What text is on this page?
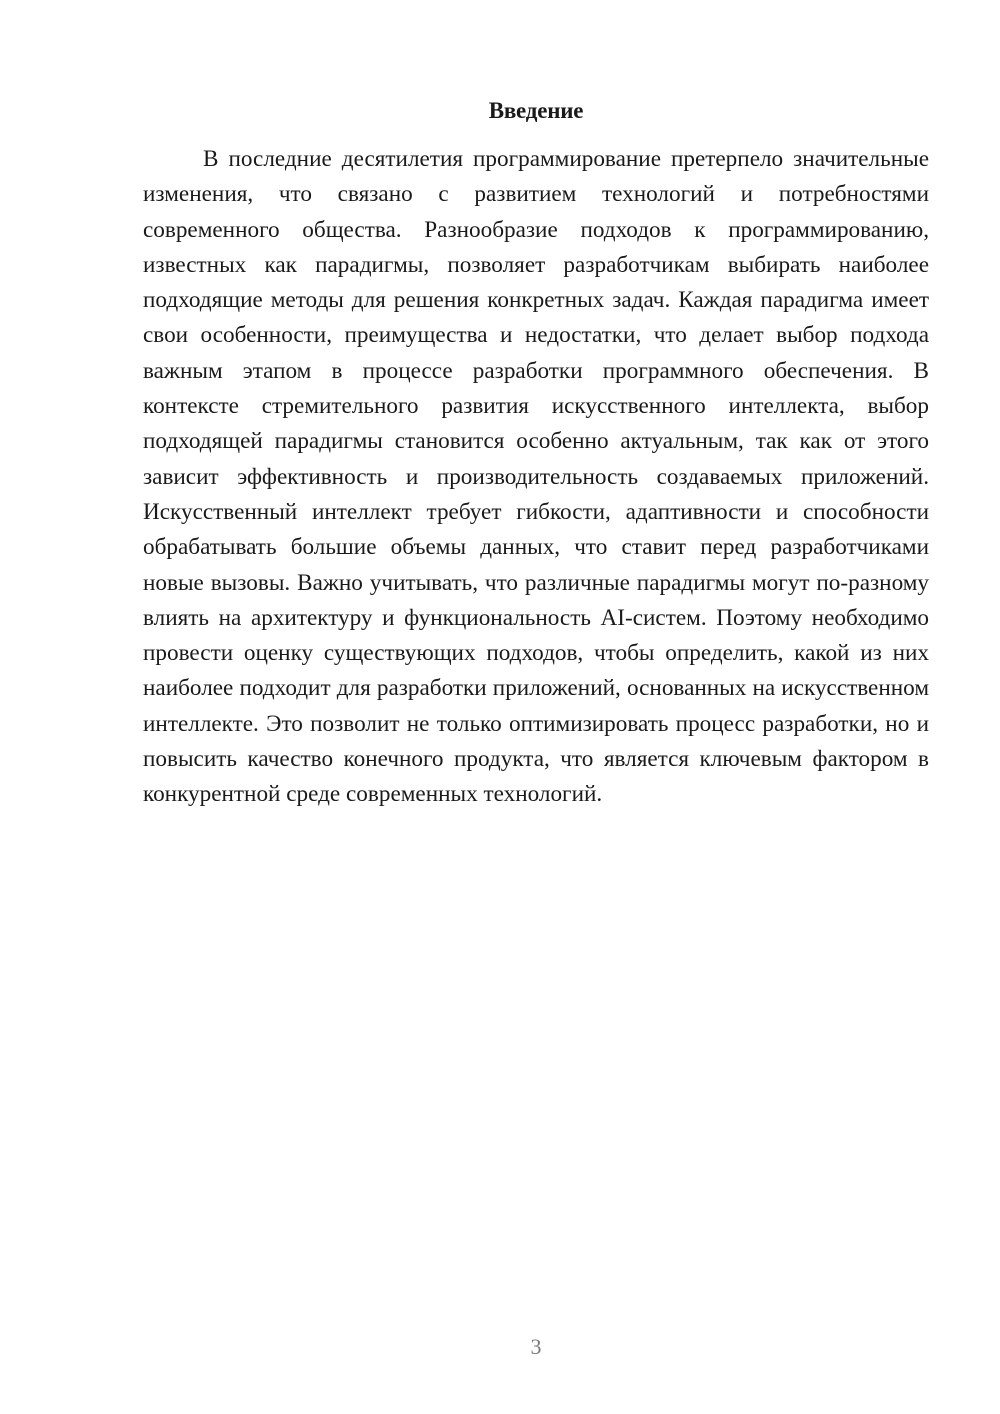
Введение

В последние десятилетия программирование претерпело значительные изменения, что связано с развитием технологий и потребностями современного общества. Разнообразие подходов к программированию, известных как парадигмы, позволяет разработчикам выбирать наиболее подходящие методы для решения конкретных задач. Каждая парадигма имеет свои особенности, преимущества и недостатки, что делает выбор подхода важным этапом в процессе разработки программного обеспечения. В контексте стремительного развития искусственного интеллекта, выбор подходящей парадигмы становится особенно актуальным, так как от этого зависит эффективность и производительность создаваемых приложений. Искусственный интеллект требует гибкости, адаптивности и способности обрабатывать большие объемы данных, что ставит перед разработчиками новые вызовы. Важно учитывать, что различные парадигмы могут по-разному влиять на архитектуру и функциональность AI-систем. Поэтому необходимо провести оценку существующих подходов, чтобы определить, какой из них наиболее подходит для разработки приложений, основанных на искусственном интеллекте. Это позволит не только оптимизировать процесс разработки, но и повысить качество конечного продукта, что является ключевым фактором в конкурентной среде современных технологий.

3
